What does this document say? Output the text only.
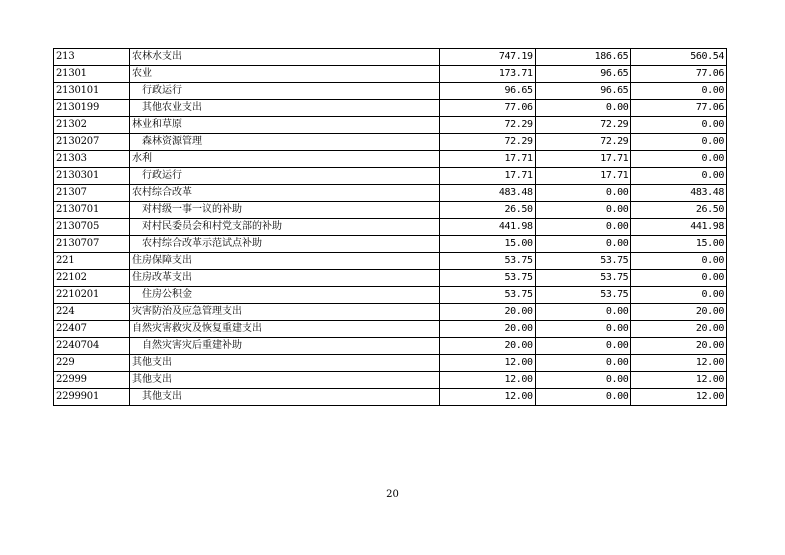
213	农林水支出	747.19	186.65	560.54
21301	农业	173.71	96.65	77.06
2130101	行政运行	96.65	96.65	0.00
2130199	其他农业支出	77.06	0.00	77.06
21302	林业和草原	72.29	72.29	0.00
2130207	森林资源管理	72.29	72.29	0.00
21303	水利	17.71	17.71	0.00
2130301	行政运行	17.71	17.71	0.00
21307	农村综合改革	483.48	0.00	483.48
2130701	对村级一事一议的补助	26.50	0.00	26.50
2130705	对村民委员会和村党支部的补助	441.98	0.00	441.98
2130707	农村综合改革示范试点补助	15.00	0.00	15.00
221	住房保障支出	53.75	53.75	0.00
22102	住房改革支出	53.75	53.75	0.00
2210201	住房公积金	53.75	53.75	0.00
224	灾害防治及应急管理支出	20.00	0.00	20.00
22407	自然灾害救灾及恢复重建支出	20.00	0.00	20.00
2240704	自然灾害灾后重建补助	20.00	0.00	20.00
229	其他支出	12.00	0.00	12.00
22999	其他支出	12.00	0.00	12.00
2299901	其他支出	12.00	0.00	12.00
20
